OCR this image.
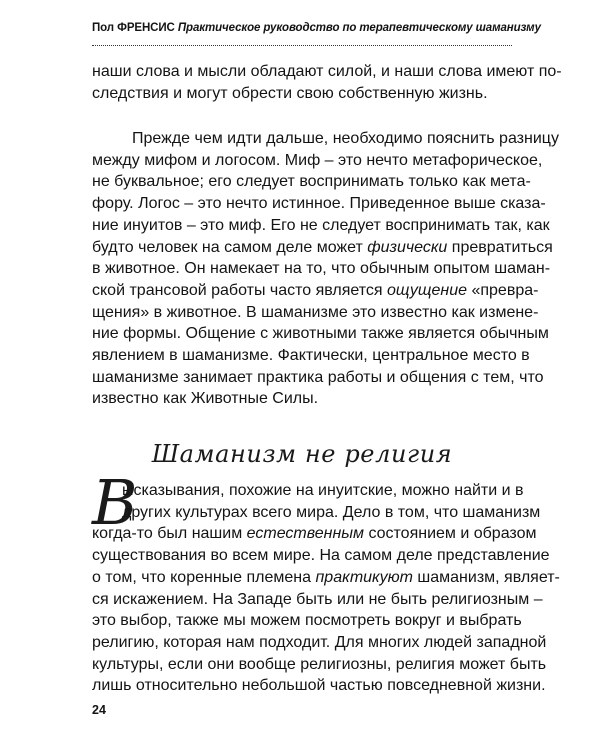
Пол ФРЕНСИС Практическое руководство по терапевтическому шаманизму
наши слова и мысли обладают силой, и наши слова имеют по-
следствия и могут обрести свою собственную жизнь.
Прежде чем идти дальше, необходимо пояснить разницу
между мифом и логосом. Миф – это нечто метафорическое,
не буквальное; его следует воспринимать только как мета-
фору. Логос – это нечто истинное. Приведенное выше сказа-
ние инуитов – это миф. Его не следует воспринимать так, как
будто человек на самом деле может физически превратиться
в животное. Он намекает на то, что обычным опытом шаман-
ской трансовой работы часто является ощущение «превра-
щения» в животное. В шаманизме это известно как измене-
ние формы. Общение с животными также является обычным
явлением в шаманизме. Фактически, центральное место в
шаманизме занимает практика работы и общения с тем, что
известно как Животные Силы.
Шаманизм не религия
В
ысказывания, похожие на инуитские, можно найти и в
других культурах всего мира. Дело в том, что шаманизм
когда-то был нашим естественным состоянием и образом
существования во всем мире. На самом деле представление
о том, что коренные племена практикуют шаманизм, являет-
ся искажением. На Западе быть или не быть религиозным –
это выбор, также мы можем посмотреть вокруг и выбрать
религию, которая нам подходит. Для многих людей западной
культуры, если они вообще религиозны, религия может быть
лишь относительно небольшой частью повседневной жизни.
24
